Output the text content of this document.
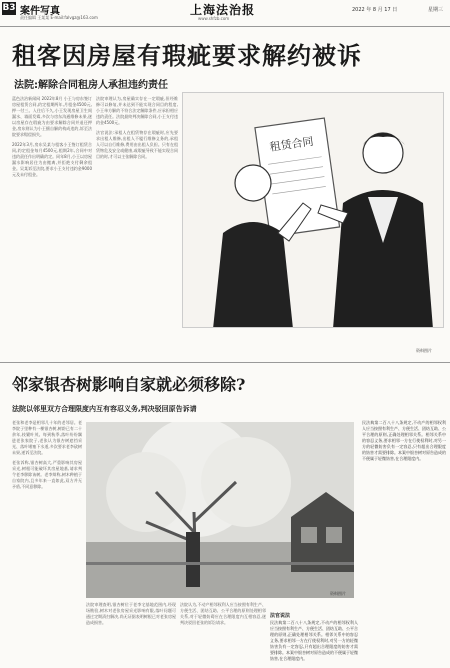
B3 案件写真
责任编辑 王某某 E-mail:falvgz@163.com
上海法治报
www.shfzb.com
2022 年 8 月 17 日	星期三
租客因房屋有瑕疵要求解约被诉
法院:解除合同租房人承担违约责任

蓝色法治新闻网 2022年8月 小王与房东签订房屋租赁合同,约定租期两年,月租金4500元,押一付三。入住后不久,小王发现房屋卫生间漏水、墙面发霉,多次与房东沟通维修未果,遂以房屋存在瑕疵为由要求解除合同并退还押金,房东则认为小王擅自解约构成违约,诉至法院要求赔偿损失。

2022年3月,房东吴某与租客小王签订租赁合同,约定租金每月4500元,租期2年,合同中对违约责任作出明确约定。同年8月,小王以房屋漏水影响居住为由搬离,并拒绝支付剩余租金。吴某诉至法院,要求小王支付违约金9000元及未付租金。

法院审理认为,房屋确实存在一定瑕疵,但经维修可以修复,并未达到不能实现合同目的程度,小王单方解约不符合法定解除条件,应承担相应违约责任。法院最终判决解除合同,小王支付违约金4500元。

法官说法:承租人在租赁物存在瑕疵时,应先要求出租人维修,出租人不履行维修义务的,承租人可以自行维修,费用由出租人负担。只有在租赁物危及安全或健康,或瑕疵导致不能实现合同目的时,才可以主张解除合同。

租赁合同
资料图片
邻家银杏树影响自家就必须移除?
法院以邻里双方合理限度内互有容忍义务,判决驳回原告诉请

老张和老李是相邻几十年的老邻居。老李院子里种有一棵银杏树,树龄已有二十余年,枝繁叶茂。每到秋季,落叶纷纷飘进老张家院子,老张认为银杏树遮挡采光、落叶堵塞下水道,多次要求老李砍树未果,遂诉至法院。

老张诉称,银杏树高大,严重影响其房屋采光,树根可能破坏其房屋地基,请求判令老李移除该树。老李辩称,树木种植于自家院内,且多年来一直如此,双方并无矛盾,不同意移除。

资料图片

法院审理查明,银杏树位于老李宅基地范围内,经现场勘验,树木对老张房屋采光影响有限,落叶问题可通过定期清扫解决,尚无证据表明树根已对老张房屋造成损害。

法院认为,不动产相邻权利人应当按照有利生产、方便生活、团结互助、公平合理的原则处理相邻关系,对于轻微妨碍应在合理限度内互相容忍,遂判决驳回老张的诉讼请求。

法官说法

民法典第二百八十八条规定,不动产的相邻权利人应当按照有利生产、方便生活、团结互助、公平合理的原则,正确处理相邻关系。相邻关系中的容忍义务,要求相邻一方在行使权利时,对另一方的轻微妨害负有一定容忍,只有超出合理限度的妨害才需要排除。本案中银杏树对原告造成的不便属于轻微妨害,在合理限度内。

民法典第二百八十八条规定,不动产的相邻权利人应当按照有利生产、方便生活、团结互助、公平合理的原则,正确处理相邻关系。相邻关系中的容忍义务,要求相邻一方在行使权利时,对另一方的轻微妨害负有一定容忍,只有超出合理限度的妨害才需要排除。本案中银杏树对原告造成的不便属于轻微妨害,在合理限度内。
